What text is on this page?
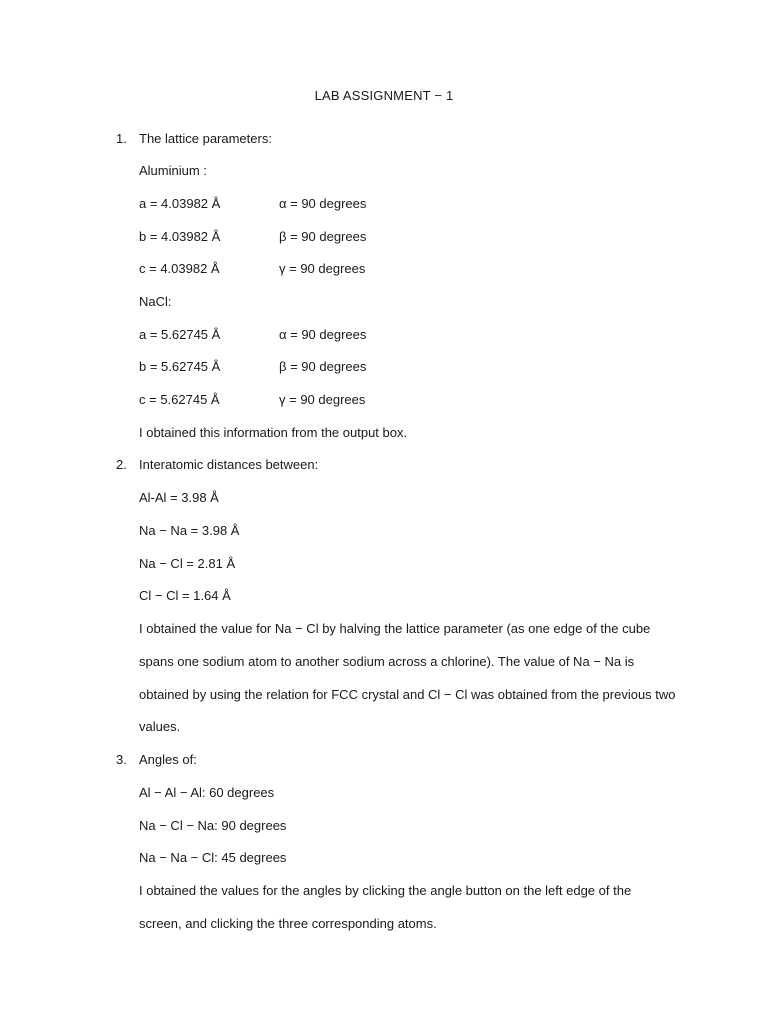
LAB ASSIGNMENT − 1
1. The lattice parameters:
Aluminium :
a = 4.03982 Å	α = 90 degrees
b = 4.03982 Å	β = 90 degrees
c = 4.03982 Å	γ = 90 degrees
NaCl:
a = 5.62745 Å	α = 90 degrees
b = 5.62745 Å	β = 90 degrees
c = 5.62745 Å	γ = 90 degrees
I obtained this information from the output box.
2. Interatomic distances between:
Al-Al = 3.98 Å
Na − Na = 3.98 Å
Na − Cl = 2.81 Å
Cl − Cl = 1.64 Å
I obtained the value for Na − Cl by halving the lattice parameter (as one edge of the cube
spans one sodium atom to another sodium across a chlorine). The value of Na − Na is
obtained by using the relation for FCC crystal and Cl − Cl was obtained from the previous two
values.
3. Angles of:
Al − Al − Al: 60 degrees
Na − Cl − Na: 90 degrees
Na − Na − Cl: 45 degrees
I obtained the values for the angles by clicking the angle button on the left edge of the
screen, and clicking the three corresponding atoms.
